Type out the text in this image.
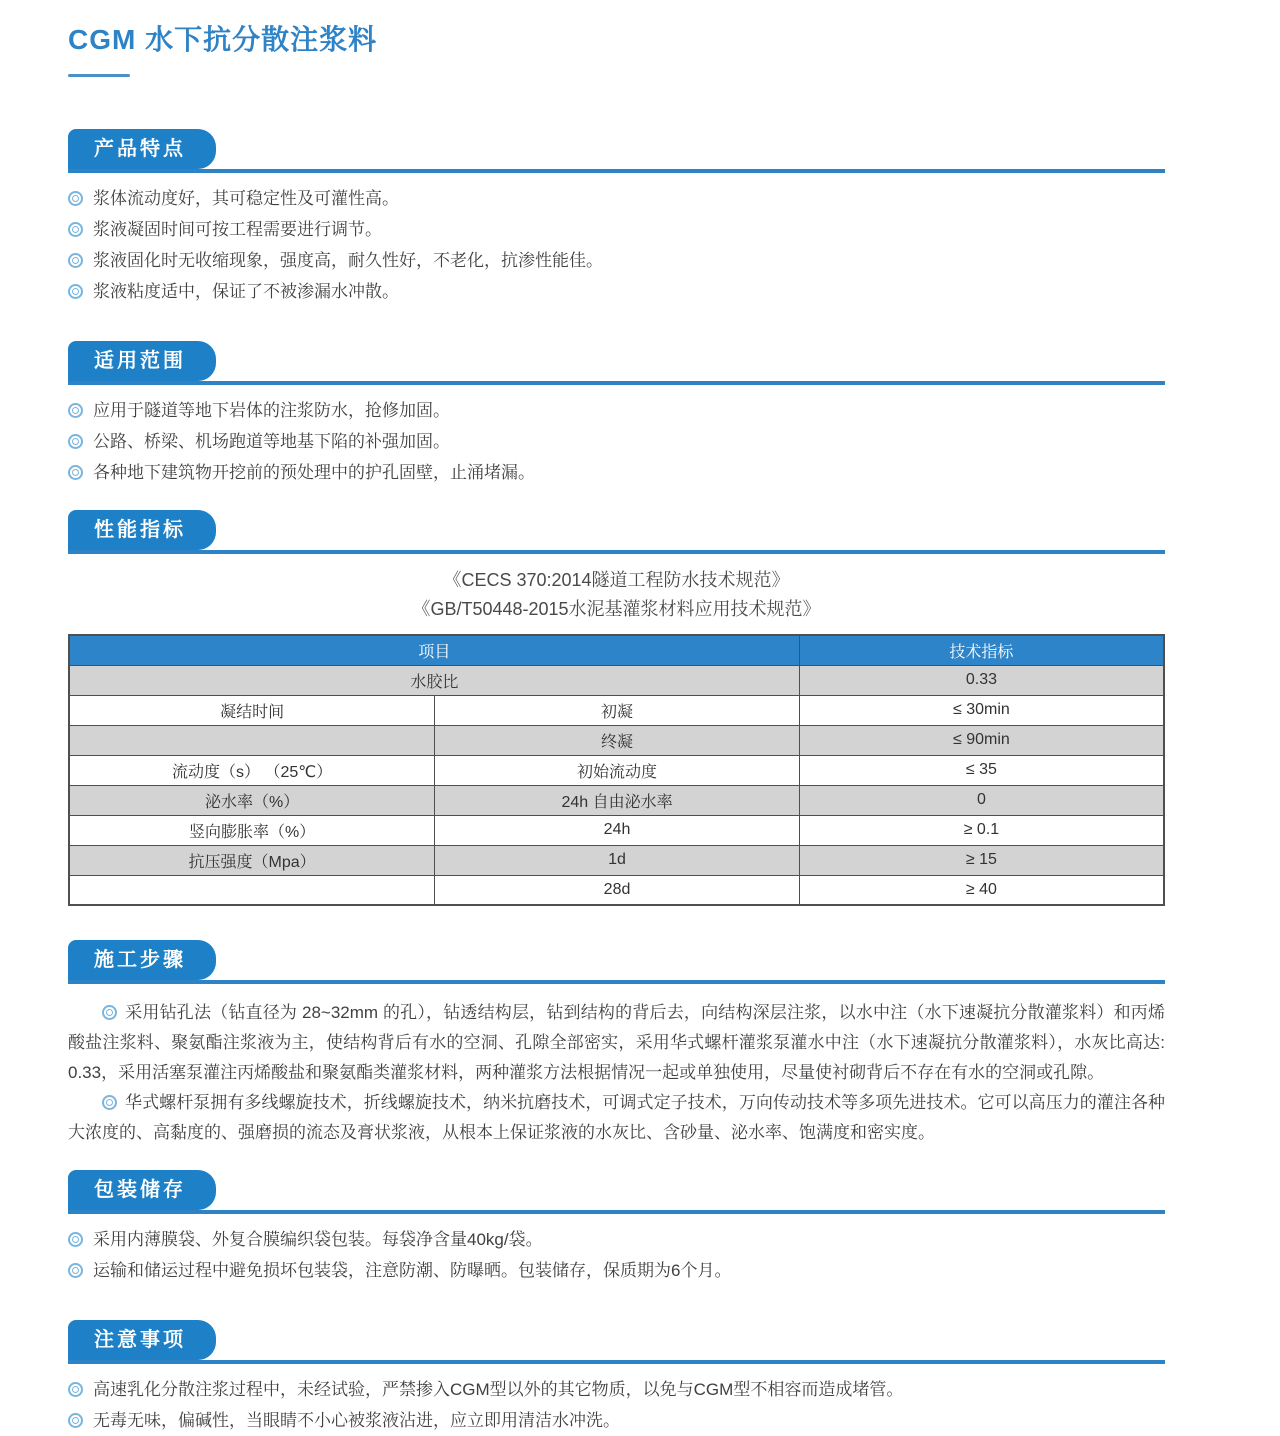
CGM 水下抗分散注浆料
产品特点
浆体流动度好，其可稳定性及可灌性高。
浆液凝固时间可按工程需要进行调节。
浆液固化时无收缩现象，强度高，耐久性好，不老化，抗渗性能佳。
浆液粘度适中，保证了不被渗漏水冲散。
适用范围
应用于隧道等地下岩体的注浆防水，抢修加固。
公路、桥梁、机场跑道等地基下陷的补强加固。
各种地下建筑物开挖前的预处理中的护孔固壁，止涌堵漏。
性能指标
《CECS 370:2014隧道工程防水技术规范》
《GB/T50448-2015水泥基灌浆材料应用技术规范》
项目		技术指标
水胶比		0.33
凝结时间	初凝	≤ 30min
	终凝	≤ 90min
流动度（s） （25℃）	初始流动度	≤ 35
泌水率（%）	24h 自由泌水率	0
竖向膨胀率（%）	24h	≥ 0.1
抗压强度（Mpa）	1d	≥ 15
	28d	≥ 40
施工步骤

采用钻孔法（钻直径为 28~32mm 的孔），钻透结构层，钻到结构的背后去，向结构深层注浆，以水中注（水下速凝抗分散灌浆料）和丙烯酸盐注浆料、聚氨酯注浆液为主，使结构背后有水的空洞、孔隙全部密实，采用华式螺杆灌浆泵灌水中注（水下速凝抗分散灌浆料），水灰比高达: 0.33，采用活塞泵灌注丙烯酸盐和聚氨酯类灌浆材料，两种灌浆方法根据情况一起或单独使用，尽量使衬砌背后不存在有水的空洞或孔隙。

华式螺杆泵拥有多线螺旋技术，折线螺旋技术，纳米抗磨技术，可调式定子技术，万向传动技术等多项先进技术。它可以高压力的灌注各种大浓度的、高黏度的、强磨损的流态及膏状浆液，从根本上保证浆液的水灰比、含砂量、泌水率、饱满度和密实度。

包装储存
采用内薄膜袋、外复合膜编织袋包装。每袋净含量40kg/袋。
运输和储运过程中避免损坏包装袋，注意防潮、防曝晒。包装储存，保质期为6个月。
注意事项
高速乳化分散注浆过程中，未经试验，严禁掺入CGM型以外的其它物质，以免与CGM型不相容而造成堵管。
无毒无味，偏碱性，当眼睛不小心被浆液沾进，应立即用清洁水冲洗。
